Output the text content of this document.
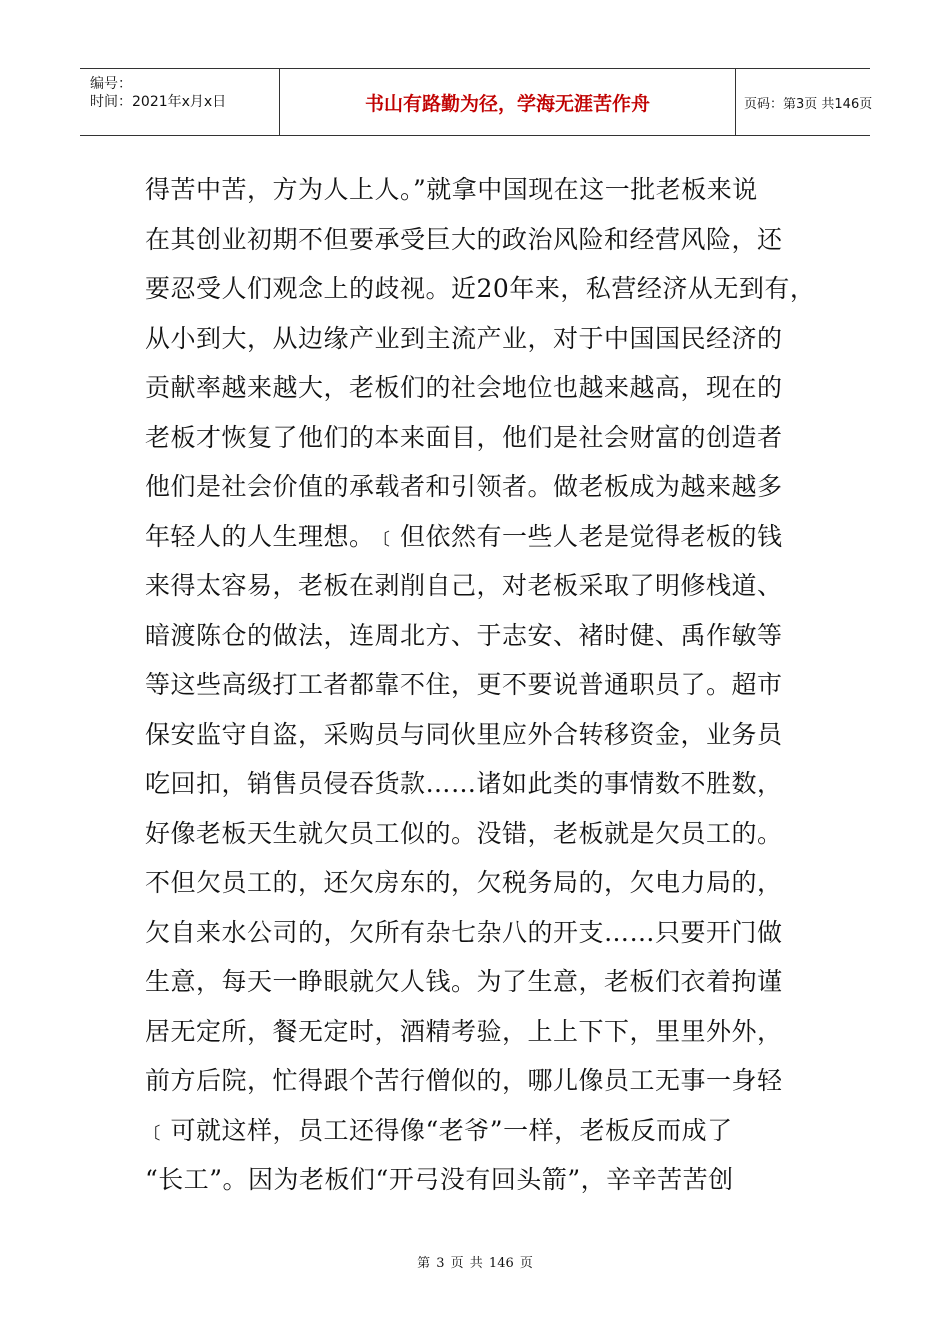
编号：
时间：2021年x月x日	书山有路勤为径，学海无涯苦作舟	页码：第3页 共146页
得苦中苦，方为人上人。”就拿中国现在这一批老板来说
在其创业初期不但要承受巨大的政治风险和经营风险，还
要忍受人们观念上的歧视。近20年来，私营经济从无到有，
从小到大，从边缘产业到主流产业，对于中国国民经济的
贡献率越来越大，老板们的社会地位也越来越高，现在的
老板才恢复了他们的本来面目，他们是社会财富的创造者
他们是社会价值的承载者和引领者。做老板成为越来越多
年轻人的人生理想。﹝但依然有一些人老是觉得老板的钱
来得太容易，老板在剥削自己，对老板采取了明修栈道、
暗渡陈仓的做法，连周北方、于志安、褚时健、禹作敏等
等这些高级打工者都靠不住，更不要说普通职员了。超市
保安监守自盗，采购员与同伙里应外合转移资金，业务员
吃回扣，销售员侵吞货款……诸如此类的事情数不胜数，
好像老板天生就欠员工似的。没错，老板就是欠员工的。
不但欠员工的，还欠房东的，欠税务局的，欠电力局的，
欠自来水公司的，欠所有杂七杂八的开支……只要开门做
生意，每天一睁眼就欠人钱。为了生意，老板们衣着拘谨
居无定所，餐无定时，酒精考验，上上下下，里里外外，
前方后院，忙得跟个苦行僧似的，哪儿像员工无事一身轻
﹝可就这样，员工还得像“老爷”一样，老板反而成了
“长工”。因为老板们“开弓没有回头箭”，辛辛苦苦创
第 3 页 共 146 页
